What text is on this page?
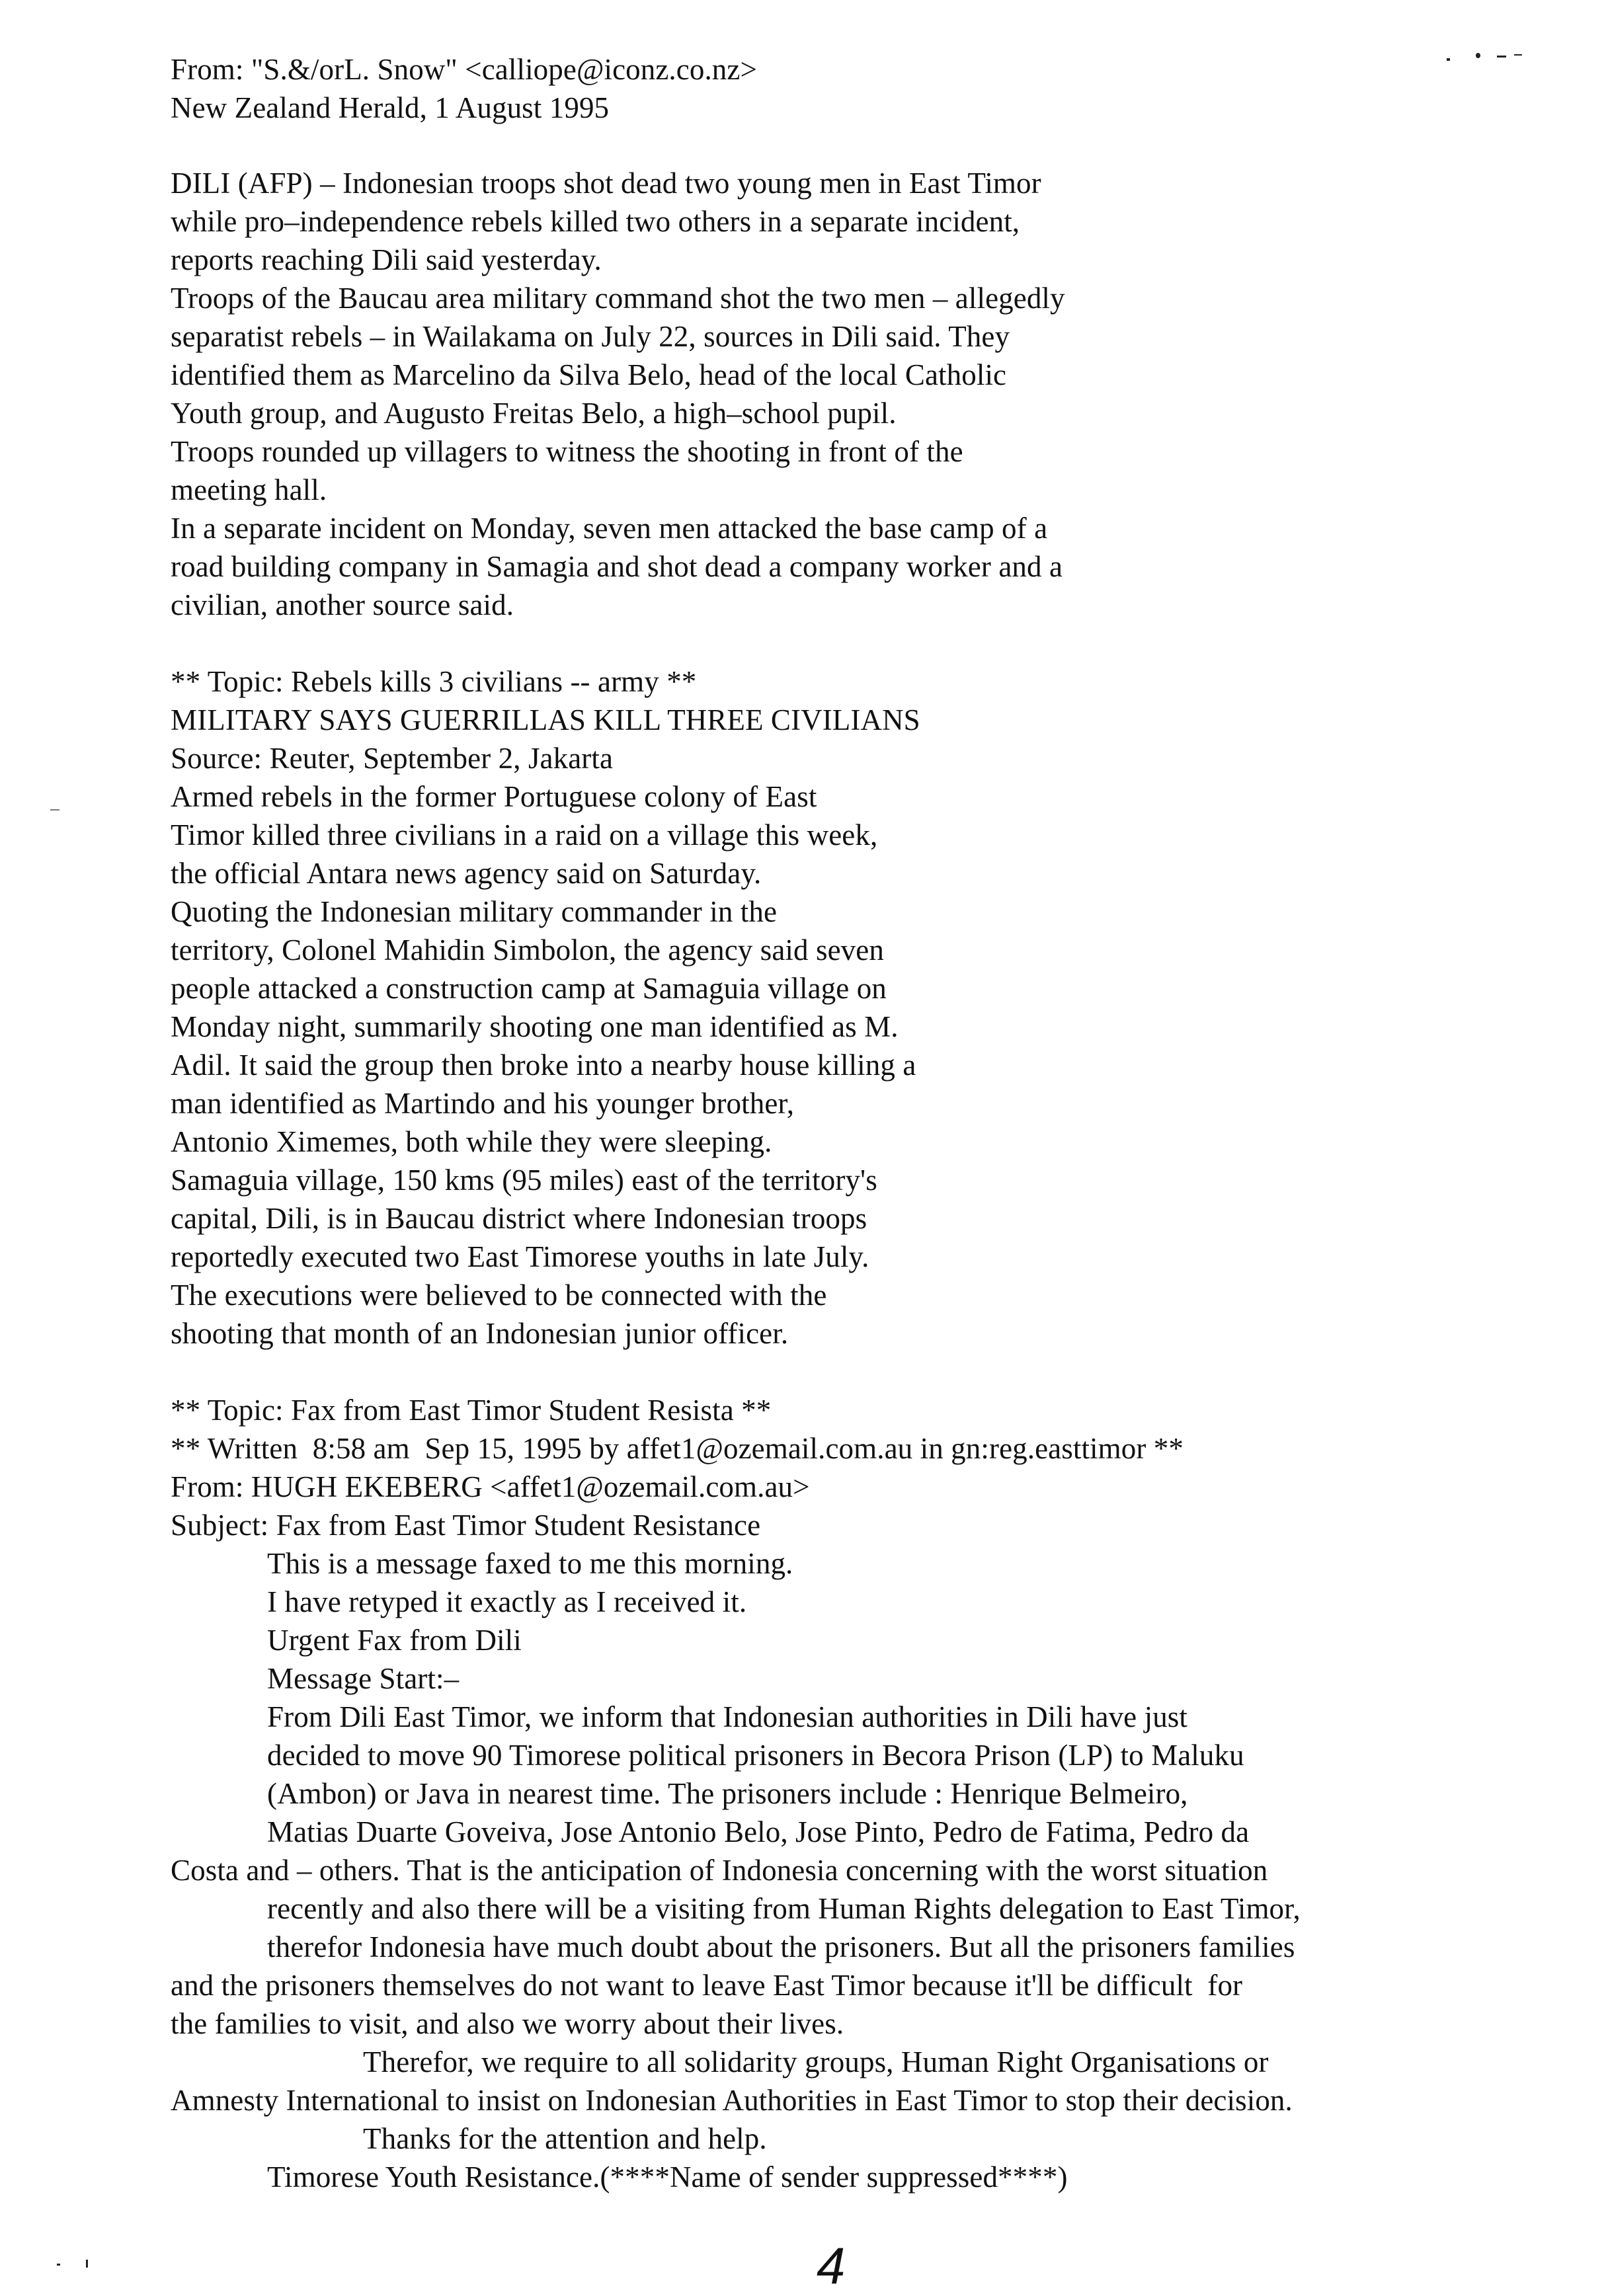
From: "S.&/orL. Snow" <calliope@iconz.co.nz>
New Zealand Herald, 1 August 1995
DILI (AFP) – Indonesian troops shot dead two young men in East Timor
while pro–independence rebels killed two others in a separate incident,
reports reaching Dili said yesterday.
Troops of the Baucau area military command shot the two men – allegedly
separatist rebels – in Wailakama on July 22, sources in Dili said. They
identified them as Marcelino da Silva Belo, head of the local Catholic
Youth group, and Augusto Freitas Belo, a high–school pupil.
Troops rounded up villagers to witness the shooting in front of the
meeting hall.
In a separate incident on Monday, seven men attacked the base camp of a
road building company in Samagia and shot dead a company worker and a
civilian, another source said.
** Topic: Rebels kills 3 civilians -- army **
MILITARY SAYS GUERRILLAS KILL THREE CIVILIANS
Source: Reuter, September 2, Jakarta
Armed rebels in the former Portuguese colony of East
Timor killed three civilians in a raid on a village this week,
the official Antara news agency said on Saturday.
Quoting the Indonesian military commander in the
territory, Colonel Mahidin Simbolon, the agency said seven
people attacked a construction camp at Samaguia village on
Monday night, summarily shooting one man identified as M.
Adil. It said the group then broke into a nearby house killing a
man identified as Martindo and his younger brother,
Antonio Ximemes, both while they were sleeping.
Samaguia village, 150 kms (95 miles) east of the territory's
capital, Dili, is in Baucau district where Indonesian troops
reportedly executed two East Timorese youths in late July.
The executions were believed to be connected with the
shooting that month of an Indonesian junior officer.
** Topic: Fax from East Timor Student Resista **
** Written  8:58 am  Sep 15, 1995 by affet1@ozemail.com.au in gn:reg.easttimor **
From: HUGH EKEBERG <affet1@ozemail.com.au>
Subject: Fax from East Timor Student Resistance
This is a message faxed to me this morning.
I have retyped it exactly as I received it.
Urgent Fax from Dili
Message Start:–
From Dili East Timor, we inform that Indonesian authorities in Dili have just
decided to move 90 Timorese political prisoners in Becora Prison (LP) to Maluku
(Ambon) or Java in nearest time. The prisoners include : Henrique Belmeiro,
Matias Duarte Goveiva, Jose Antonio Belo, Jose Pinto, Pedro de Fatima, Pedro da
Costa and – others. That is the anticipation of Indonesia concerning with the worst situation
recently and also there will be a visiting from Human Rights delegation to East Timor,
therefor Indonesia have much doubt about the prisoners. But all the prisoners families
and the prisoners themselves do not want to leave East Timor because it'll be difficult  for
the families to visit, and also we worry about their lives.
Therefor, we require to all solidarity groups, Human Right Organisations or
Amnesty International to insist on Indonesian Authorities in East Timor to stop their decision.
Thanks for the attention and help.
Timorese Youth Resistance.(****Name of sender suppressed****)
4
